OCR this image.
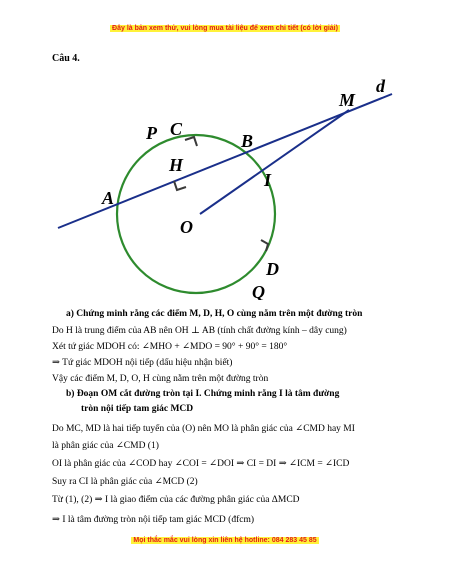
Đây là bản xem thử, vui lòng mua tài liệu để xem chi tiết (có lời giải)
Câu 4.
d
M
P C
B
H
I
A
O
D
Q
a) Chứng minh rằng các điểm M, D, H, O cùng nằm trên một đường tròn
Do H là trung điểm của AB nên OH ⊥ AB (tính chất đường kính – dây cung)
Xét tứ giác MDOH có: ∠MHO + ∠MDO = 90° + 90° = 180°
⇒ Tứ giác MDOH nội tiếp (dấu hiệu nhận biết)
Vậy các điểm M, D, O, H cùng nằm trên một đường tròn
b) Đoạn OM cắt đường tròn tại I. Chứng minh rằng I là tâm đường
tròn nội tiếp tam giác MCD
Do MC, MD là hai tiếp tuyến của (O) nên MO là phân giác của ∠CMD hay MI
là phân giác của ∠CMD (1)
OI là phân giác của ∠COD hay ∠COI = ∠DOI ⇒ CI = DI ⇒ ∠ICM = ∠ICD
Suy ra CI là phân giác của ∠MCD (2)
Từ (1), (2) ⇒ I là giao điểm của các đường phân giác của ΔMCD
⇒ I là tâm đường tròn nội tiếp tam giác MCD (đfcm)
Mọi thắc mắc vui lòng xin liên hệ hotline: 084 283 45 85
